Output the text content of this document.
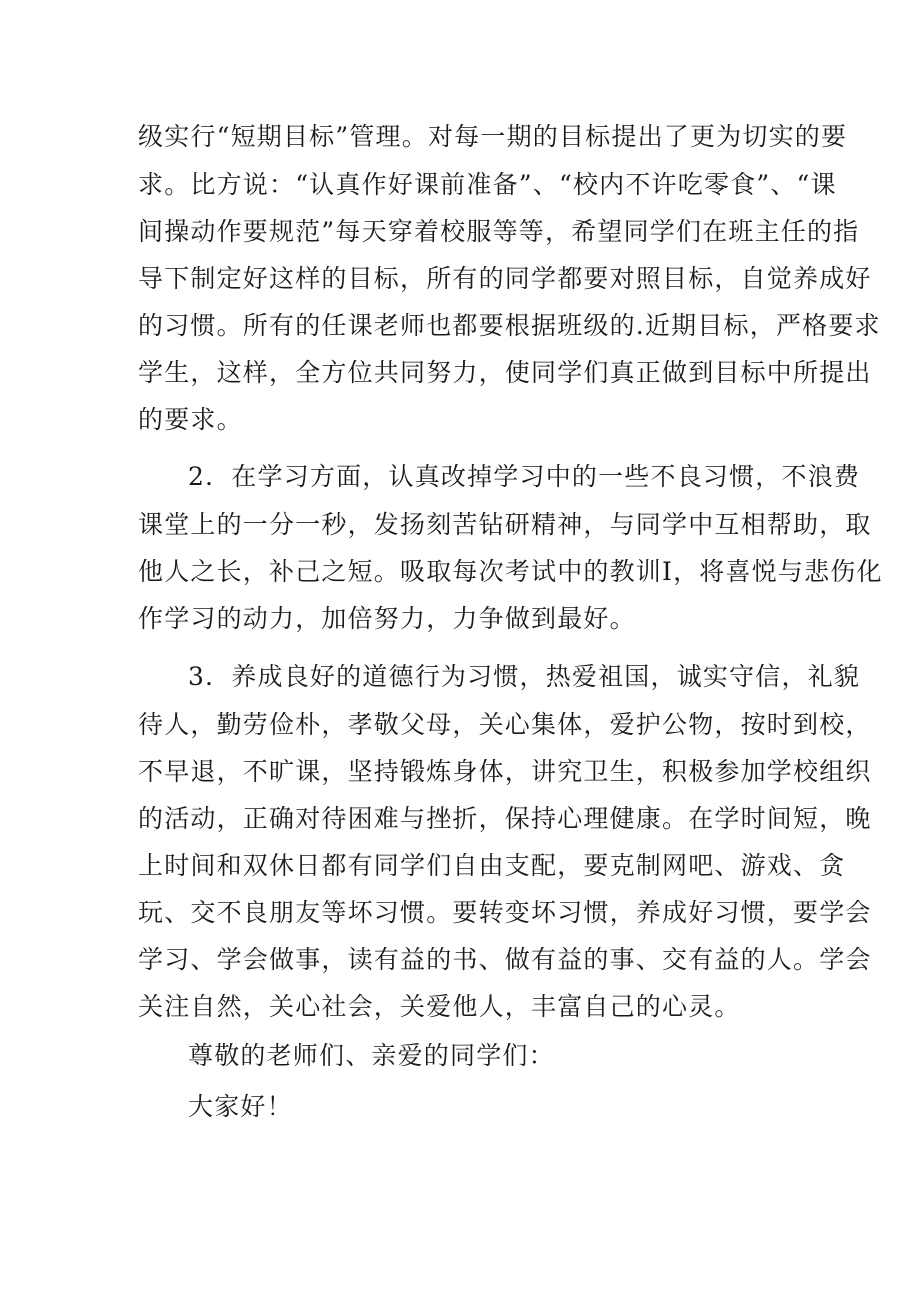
级实行“短期目标”管理。对每一期的目标提出了更为切实的要
求。比方说：“认真作好课前准备”、“校内不许吃零食”、“课
间操动作要规范”每天穿着校服等等，希望同学们在班主任的指
导下制定好这样的目标，所有的同学都要对照目标，自觉养成好
的习惯。所有的任课老师也都要根据班级的.近期目标，严格要求
学生，这样，全方位共同努力，使同学们真正做到目标中所提出
的要求。
2．在学习方面，认真改掉学习中的一些不良习惯，不浪费
课堂上的一分一秒，发扬刻苦钻研精神，与同学中互相帮助，取
他人之长，补己之短。吸取每次考试中的教训I，将喜悦与悲伤化
作学习的动力，加倍努力，力争做到最好。
3．养成良好的道德行为习惯，热爱祖国，诚实守信，礼貌
待人，勤劳俭朴，孝敬父母，关心集体，爱护公物，按时到校，
不早退，不旷课，坚持锻炼身体，讲究卫生，积极参加学校组织
的活动，正确对待困难与挫折，保持心理健康。在学时间短，晚
上时间和双休日都有同学们自由支配，要克制网吧、游戏、贪
玩、交不良朋友等坏习惯。要转变坏习惯，养成好习惯，要学会
学习、学会做事，读有益的书、做有益的事、交有益的人。学会
关注自然，关心社会，关爱他人，丰富自己的心灵。
尊敬的老师们、亲爱的同学们：
大家好！
